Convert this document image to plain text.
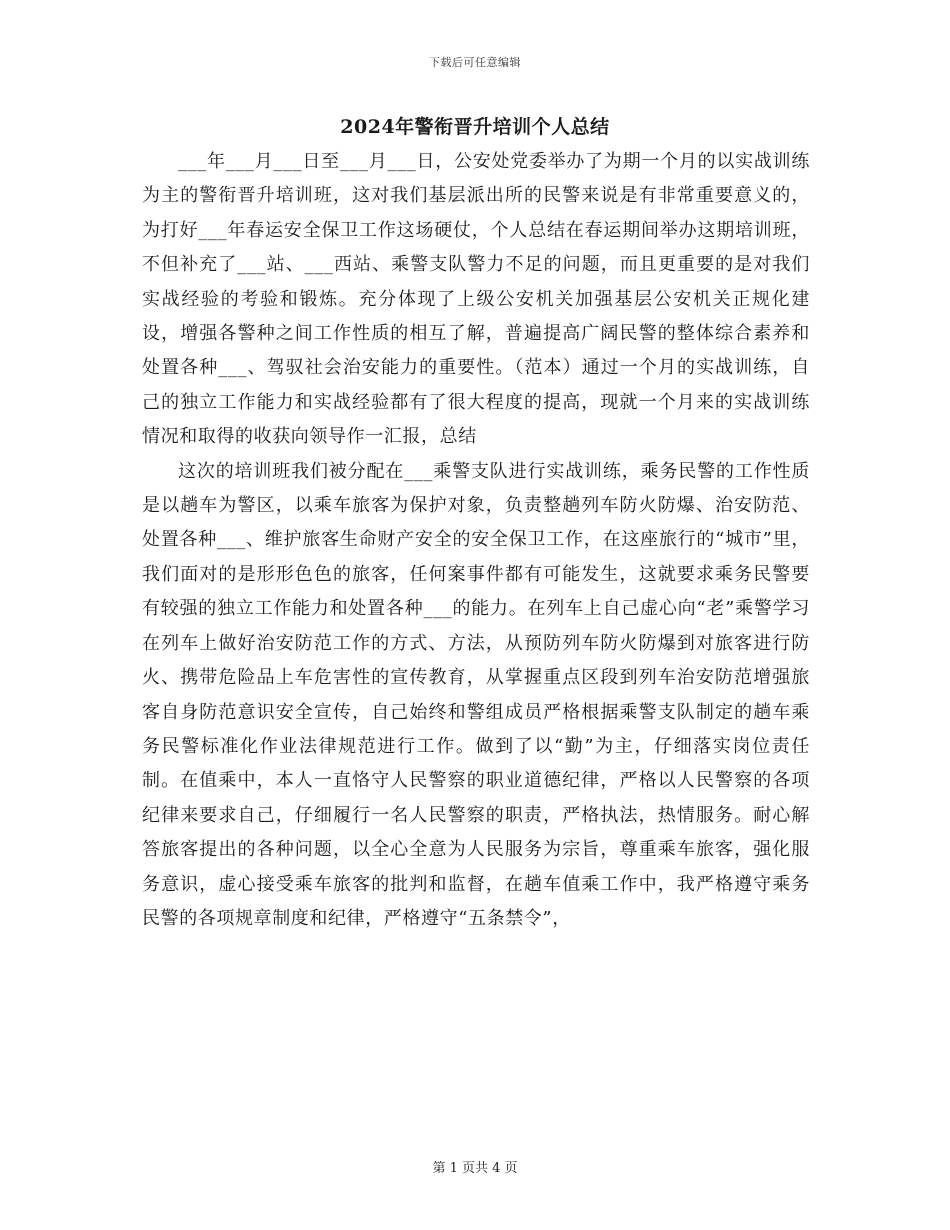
下载后可任意编辑
2024年警衔晋升培训个人总结

___年___月___日至___月___日，公安处党委举办了为期一个月的以实战训练为主的警衔晋升培训班，这对我们基层派出所的民警来说是有非常重要意义的，为打好___年春运安全保卫工作这场硬仗，个人总结在春运期间举办这期培训班，不但补充了___站、___西站、乘警支队警力不足的问题，而且更重要的是对我们实战经验的考验和锻炼。充分体现了上级公安机关加强基层公安机关正规化建设，增强各警种之间工作性质的相互了解，普遍提高广阔民警的整体综合素养和处置各种___、驾驭社会治安能力的重要性。（范本）通过一个月的实战训练，自己的独立工作能力和实战经验都有了很大程度的提高，现就一个月来的实战训练情况和取得的收获向领导作一汇报，总结

这次的培训班我们被分配在___乘警支队进行实战训练，乘务民警的工作性质是以趟车为警区，以乘车旅客为保护对象，负责整趟列车防火防爆、治安防范、处置各种___、维护旅客生命财产安全的安全保卫工作，在这座旅行的“城市”里，我们面对的是形形色色的旅客，任何案事件都有可能发生，这就要求乘务民警要有较强的独立工作能力和处置各种___的能力。在列车上自己虚心向“老”乘警学习在列车上做好治安防范工作的方式、方法，从预防列车防火防爆到对旅客进行防火、携带危险品上车危害性的宣传教育，从掌握重点区段到列车治安防范增强旅客自身防范意识安全宣传，自己始终和警组成员严格根据乘警支队制定的趟车乘务民警标准化作业法律规范进行工作。做到了以“勤”为主，仔细落实岗位责任制。在值乘中，本人一直恪守人民警察的职业道德纪律，严格以人民警察的各项纪律来要求自己，仔细履行一名人民警察的职责，严格执法，热情服务。耐心解答旅客提出的各种问题，以全心全意为人民服务为宗旨，尊重乘车旅客，强化服务意识，虚心接受乘车旅客的批判和监督，在趟车值乘工作中，我严格遵守乘务民警的各项规章制度和纪律，严格遵守“五条禁令”，

第 1 页共 4 页
